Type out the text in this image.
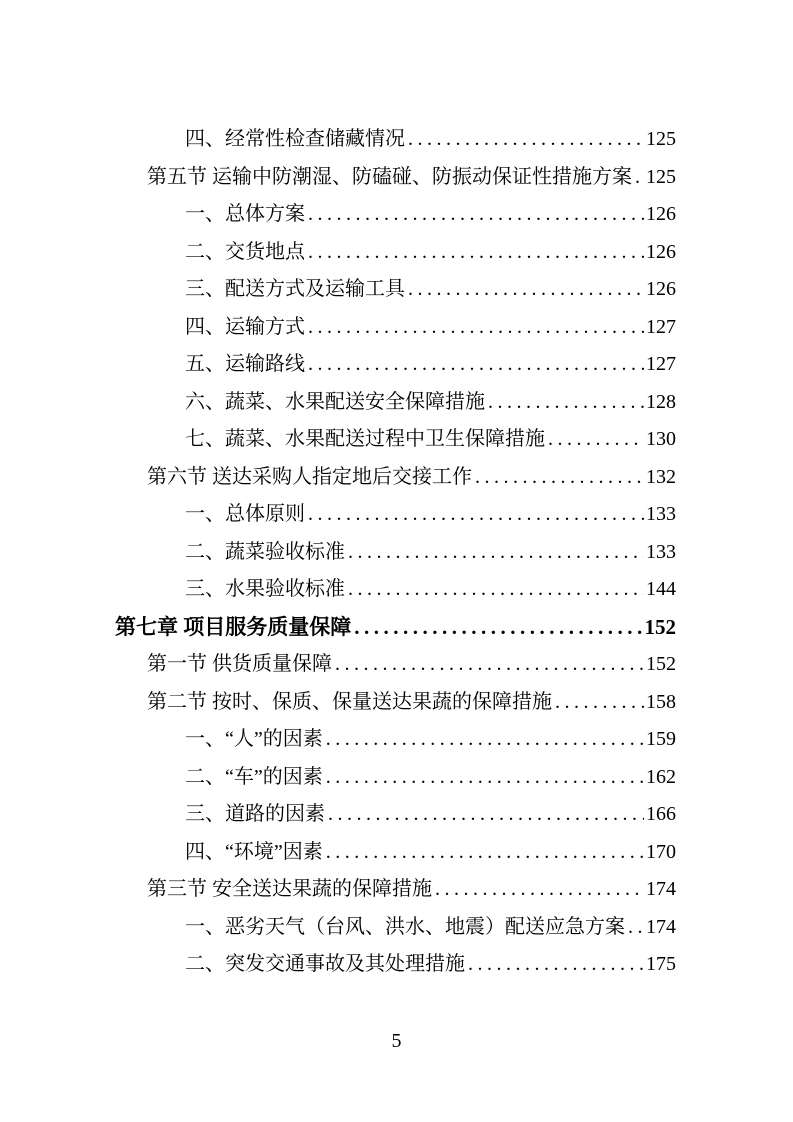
四、经常性检查储藏情况 .....	125
第五节 运输中防潮湿、防磕碰、防振动保证性措施方案 ..... 125
一、总体方案 .....	126
二、交货地点 .....	126
三、配送方式及运输工具 .....	126
四、运输方式 .....	127
五、运输路线 .....	127
六、蔬菜、水果配送安全保障措施 .....	128
七、蔬菜、水果配送过程中卫生保障措施 .....	130
第六节 送达采购人指定地后交接工作 .....	132
一、总体原则 .....	133
二、蔬菜验收标准 .....	133
三、水果验收标准 .....	144
第七章 项目服务质量保障 .....	152
第一节 供货质量保障 .....	152
第二节 按时、保质、保量送达果蔬的保障措施 .....	158
一、“人”的因素 .....	159
二、“车”的因素 .....	162
三、道路的因素 .....	166
四、“环境”因素 .....	170
第三节 安全送达果蔬的保障措施 .....	174
一、恶劣天气（台风、洪水、地震）配送应急方案 ..... 174
二、突发交通事故及其处理措施 .....	175
5
